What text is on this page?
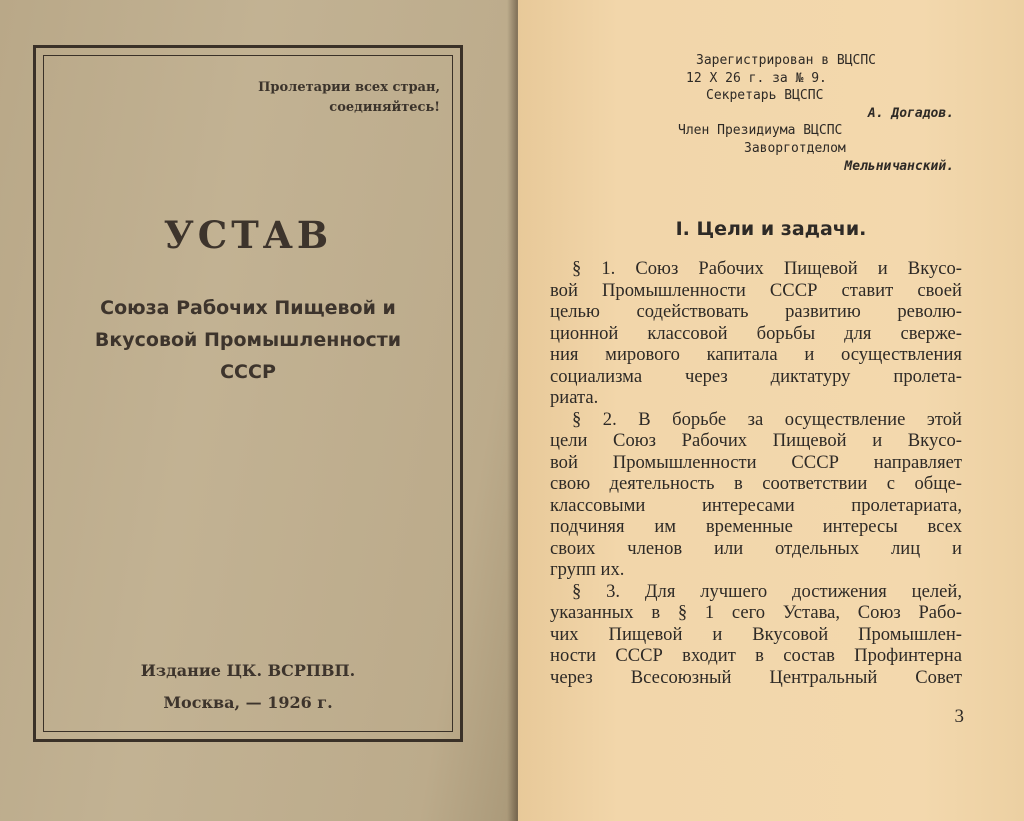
Пролетарии всех стран,
соединяйтесь!
УСТАВ
Союза Рабочих Пищевой и
Вкусовой Промышленности
СССР
Издание ЦК. ВСРПВП.
Москва, — 1926 г.
Зарегистрирован в ВЦСПС
12 Х 26 г. за № 9.
Секретарь ВЦСПС
А. Догадов.
Член Президиума ВЦСПС
Заворготделом
Мельничанский.
I. Цели и задачи.
§ 1. Союз Рабочих Пищевой и Вкусо-
вой Промышленности СССР ставит своей
целью содействовать развитию револю-
ционной классовой борьбы для сверже-
ния мирового капитала и осуществления
социализма через диктатуру пролета-
риата.
§ 2. В борьбе за осуществление этой
цели Союз Рабочих Пищевой и Вкусо-
вой Промышленности СССР направляет
свою деятельность в соответствии с обще-
классовыми интересами пролетариата,
подчиняя им временные интересы всех
своих членов или отдельных лиц и
групп их.
§ 3. Для лучшего достижения целей,
указанных в § 1 сего Устава, Союз Рабо-
чих Пищевой и Вкусовой Промышлен-
ности СССР входит в состав Профинтерна
через Всесоюзный Центральный Совет
3
